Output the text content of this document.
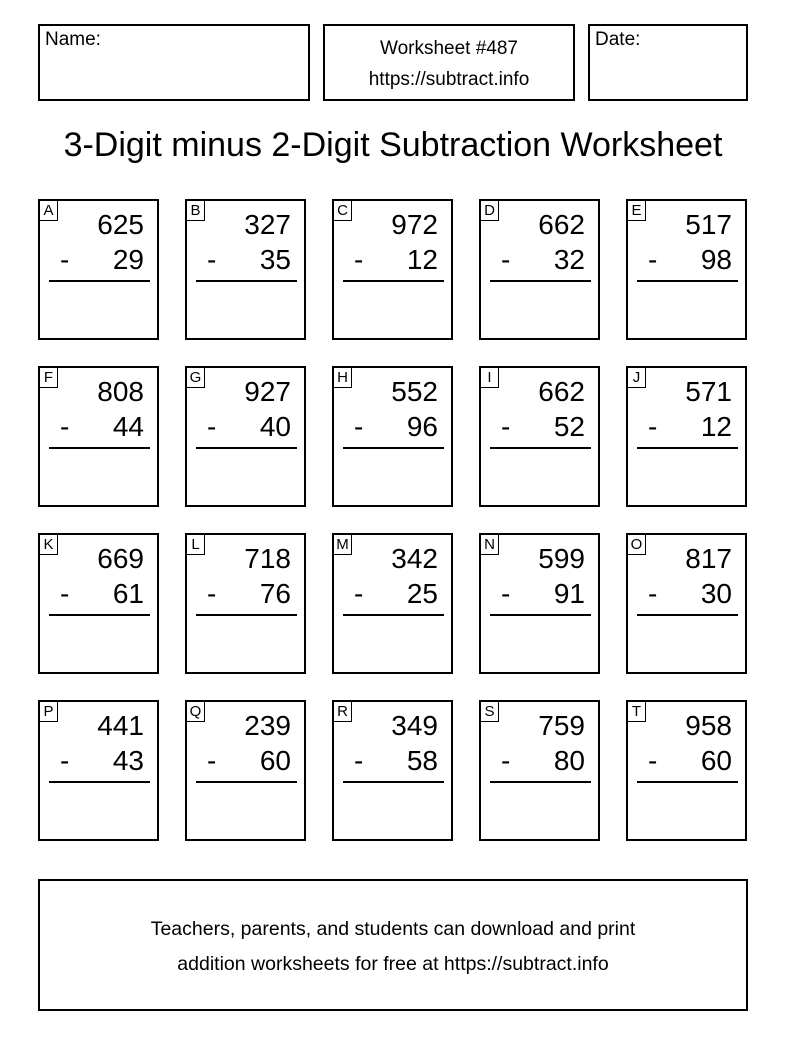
Name:	Worksheet #487
https://subtract.info
Date:
3-Digit minus 2-Digit Subtraction Worksheet
A 625
- 29
B 327
- 35
C 972
- 12
D 662
- 32
E 517
- 98
F 808
- 44
G 927
- 40
H 552
- 96
I 662
- 52
J 571
- 12
K 669
- 61
L 718
- 76
M 342
- 25
N 599
- 91
O 817
- 30
P 441
- 43
Q 239
- 60
R 349
- 58
S 759
- 80
T 958
- 60
Teachers, parents, and students can download and print
addition worksheets for free at https://subtract.info
